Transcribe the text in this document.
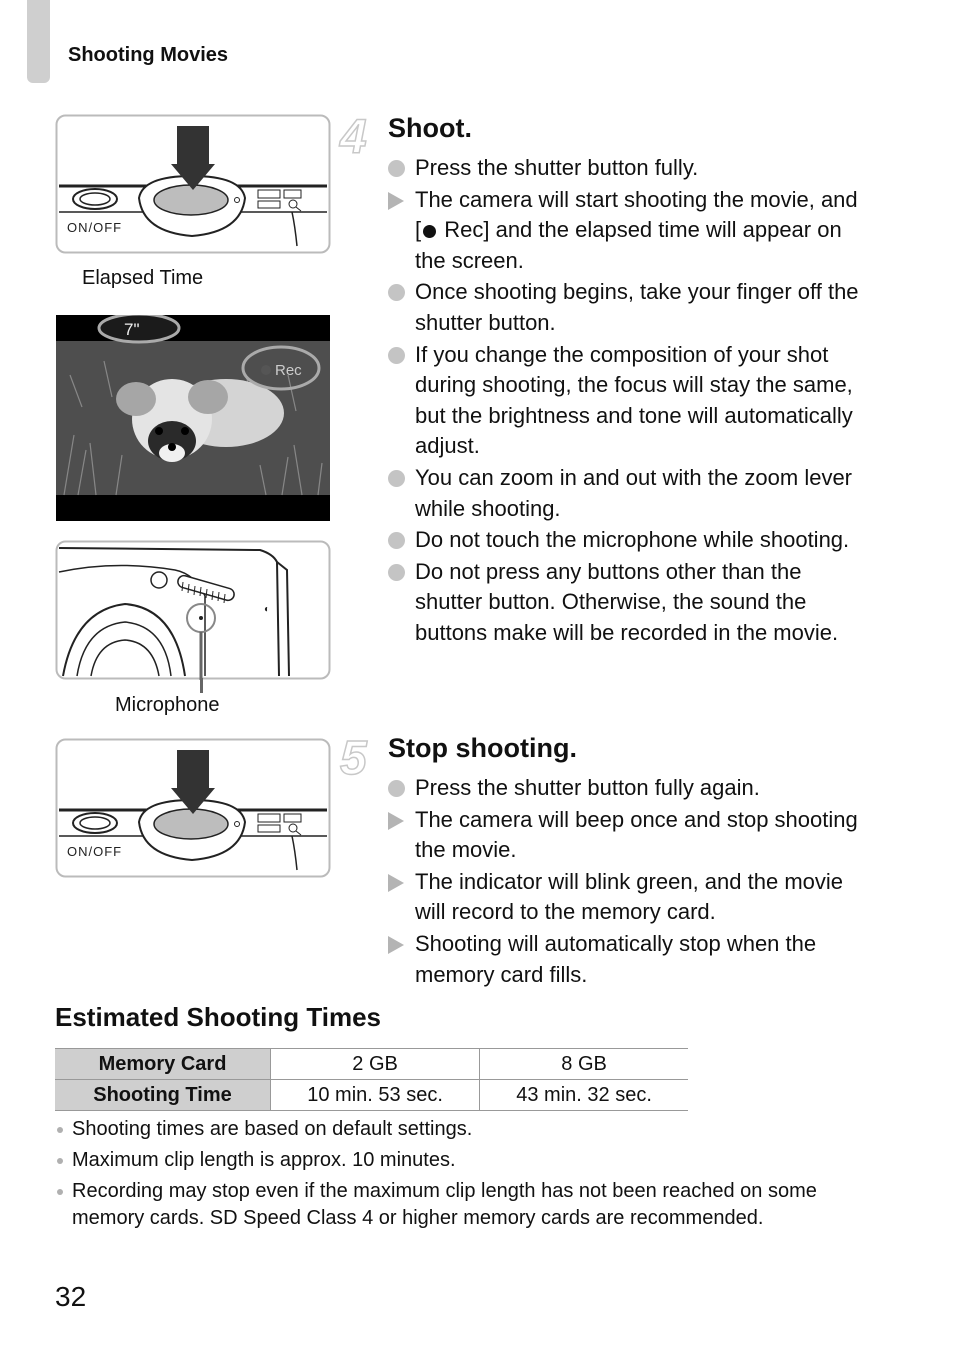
Shooting Movies
ON/OFF
Elapsed Time
7"
Rec
◐
Microphone
ON/OFF
4 Shoot.
Press the shutter button fully.
The camera will start shooting the movie, and [ Rec] and the elapsed time will appear on the screen.
Once shooting begins, take your finger off the shutter button.
If you change the composition of your shot during shooting, the focus will stay the same, but the brightness and tone will automatically adjust.
You can zoom in and out with the zoom lever while shooting.
Do not touch the microphone while shooting.
Do not press any buttons other than the shutter button. Otherwise, the sound the buttons make will be recorded in the movie.
5 Stop shooting.
Press the shutter button fully again.
The camera will beep once and stop shooting the movie.
The indicator will blink green, and the movie will record to the memory card.
Shooting will automatically stop when the memory card fills.
Estimated Shooting Times
Memory Card	2 GB	8 GB
Shooting Time	10 min. 53 sec.	43 min. 32 sec.
Shooting times are based on default settings.
Maximum clip length is approx. 10 minutes.
Recording may stop even if the maximum clip length has not been reached on some memory cards. SD Speed Class 4 or higher memory cards are recommended.
32
